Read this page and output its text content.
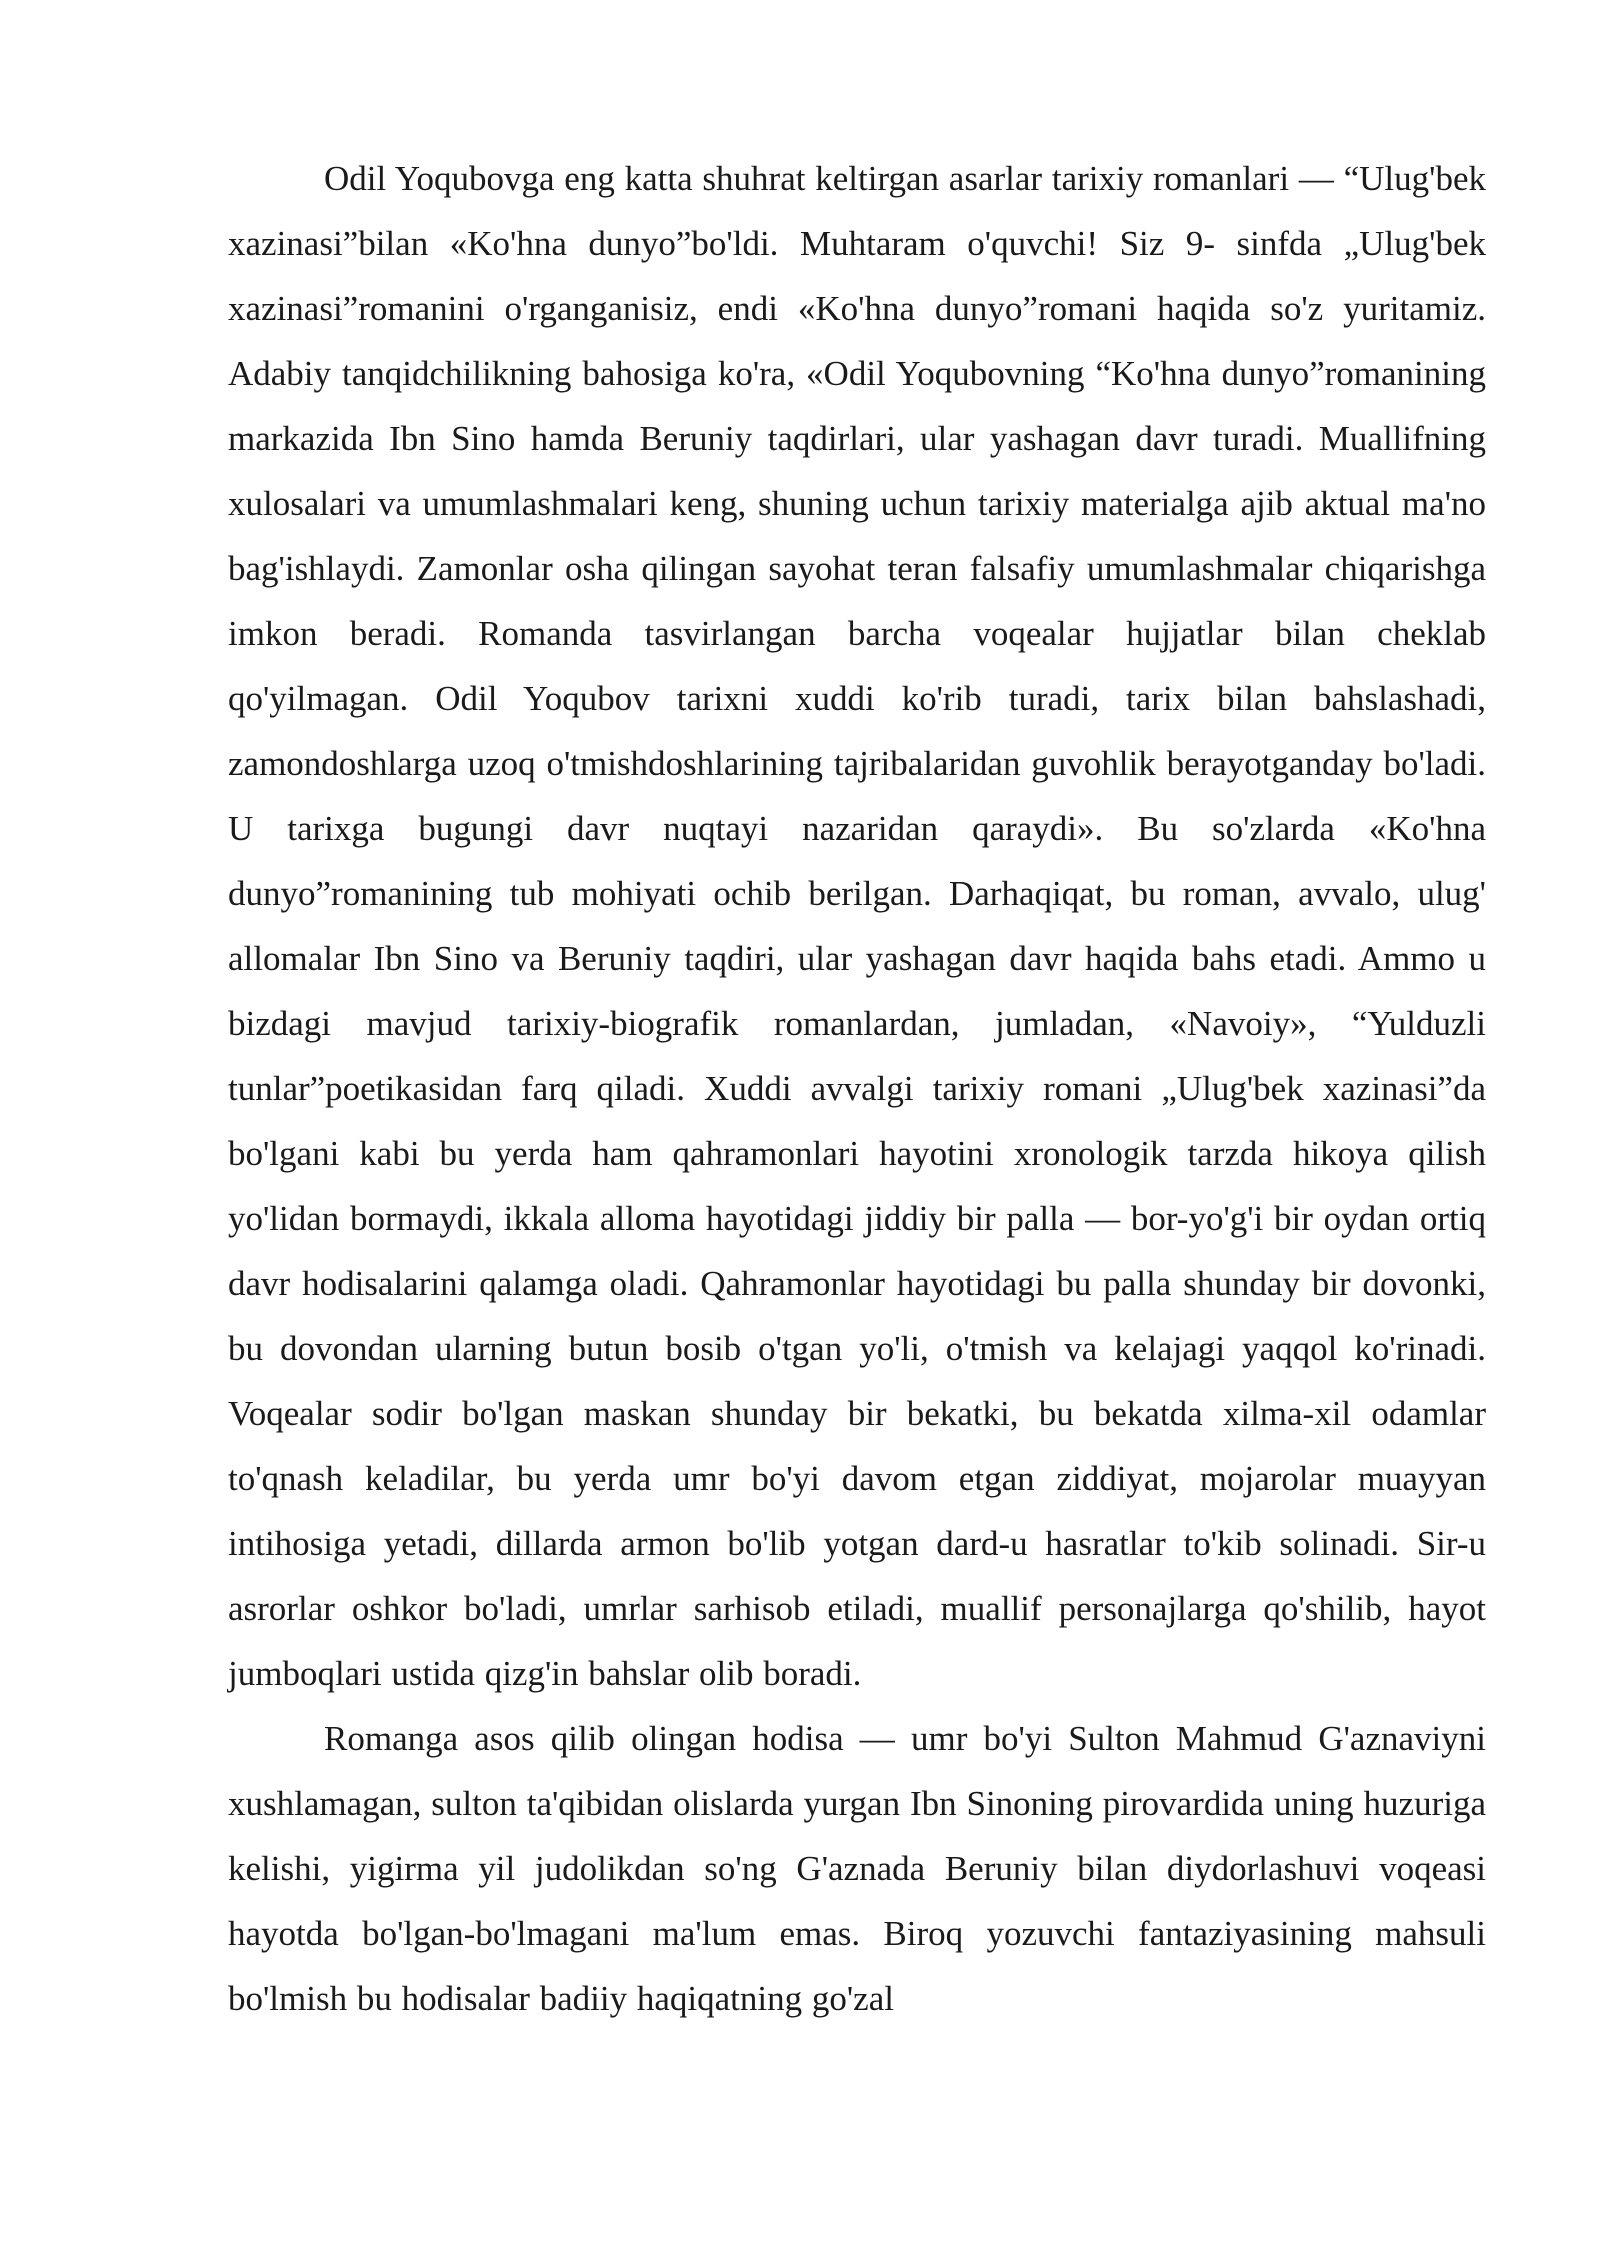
Odil Yoqubovga eng katta shuhrat keltirgan asarlar tarixiy romanlari — “Ulug'bek xazinasi”bilan «Ko'hna dunyo”bo'ldi. Muhtaram o'quvchi! Siz 9- sinfda „Ulug'bek xazinasi”romanini o'rganganisiz, endi «Ko'hna dunyo”romani haqida so'z yuritamiz. Adabiy tanqidchilikning bahosiga ko'ra, «Odil Yoqubovning “Ko'hna dunyo”romanining markazida Ibn Sino hamda Beruniy taqdirlari, ular yashagan davr turadi. Muallifning xulosalari va umumlashmalari keng, shuning uchun tarixiy materialga ajib aktual ma'no bag'ishlaydi. Zamonlar osha qilingan sayohat teran falsafiy umumlashmalar chiqarishga imkon beradi. Romanda tasvirlangan barcha voqealar hujjatlar bilan cheklab qo'yilmagan. Odil Yoqubov tarixni xuddi ko'rib turadi, tarix bilan bahslashadi, zamondoshlarga uzoq o'tmishdoshlarining tajribalaridan guvohlik berayotganday bo'ladi. U tarixga bugungi davr nuqtayi nazaridan qaraydi». Bu so'zlarda «Ko'hna dunyo”romanining tub mohiyati ochib berilgan. Darhaqiqat, bu roman, avvalo, ulug' allomalar Ibn Sino va Beruniy taqdiri, ular yashagan davr haqida bahs etadi. Ammo u bizdagi mavjud tarixiy-biografik romanlardan, jumladan, «Navoiy», “Yulduzli tunlar”poetikasidan farq qiladi. Xuddi avvalgi tarixiy romani „Ulug'bek xazinasi”da bo'lgani kabi bu yerda ham qahramonlari hayotini xronologik tarzda hikoya qilish yo'lidan bormaydi, ikkala alloma hayotidagi jiddiy bir palla — bor-yo'g'i bir oydan ortiq davr hodisalarini qalamga oladi. Qahramonlar hayotidagi bu palla shunday bir dovonki, bu dovondan ularning butun bosib o'tgan yo'li, o'tmish va kelajagi yaqqol ko'rinadi. Voqealar sodir bo'lgan maskan shunday bir bekatki, bu bekatda xilma-xil odamlar to'qnash keladilar, bu yerda umr bo'yi davom etgan ziddiyat, mojarolar muayyan intihosiga yetadi, dillarda armon bo'lib yotgan dard-u hasratlar to'kib solinadi. Sir-u asrorlar oshkor bo'ladi, umrlar sarhisob etiladi, muallif personajlarga qo'shilib, hayot jumboqlari ustida qizg'in bahslar olib boradi.

Romanga asos qilib olingan hodisa — umr bo'yi Sulton Mahmud G'aznaviyni xushlamagan, sulton ta'qibidan olislarda yurgan Ibn Sinoning pirovardida uning huzuriga kelishi, yigirma yil judolikdan so'ng G'aznada Beruniy bilan diydorlashuvi voqeasi hayotda bo'lgan-bo'lmagani ma'lum emas. Biroq yozuvchi fantaziyasining mahsuli bo'lmish bu hodisalar badiiy haqiqatning go'zal
